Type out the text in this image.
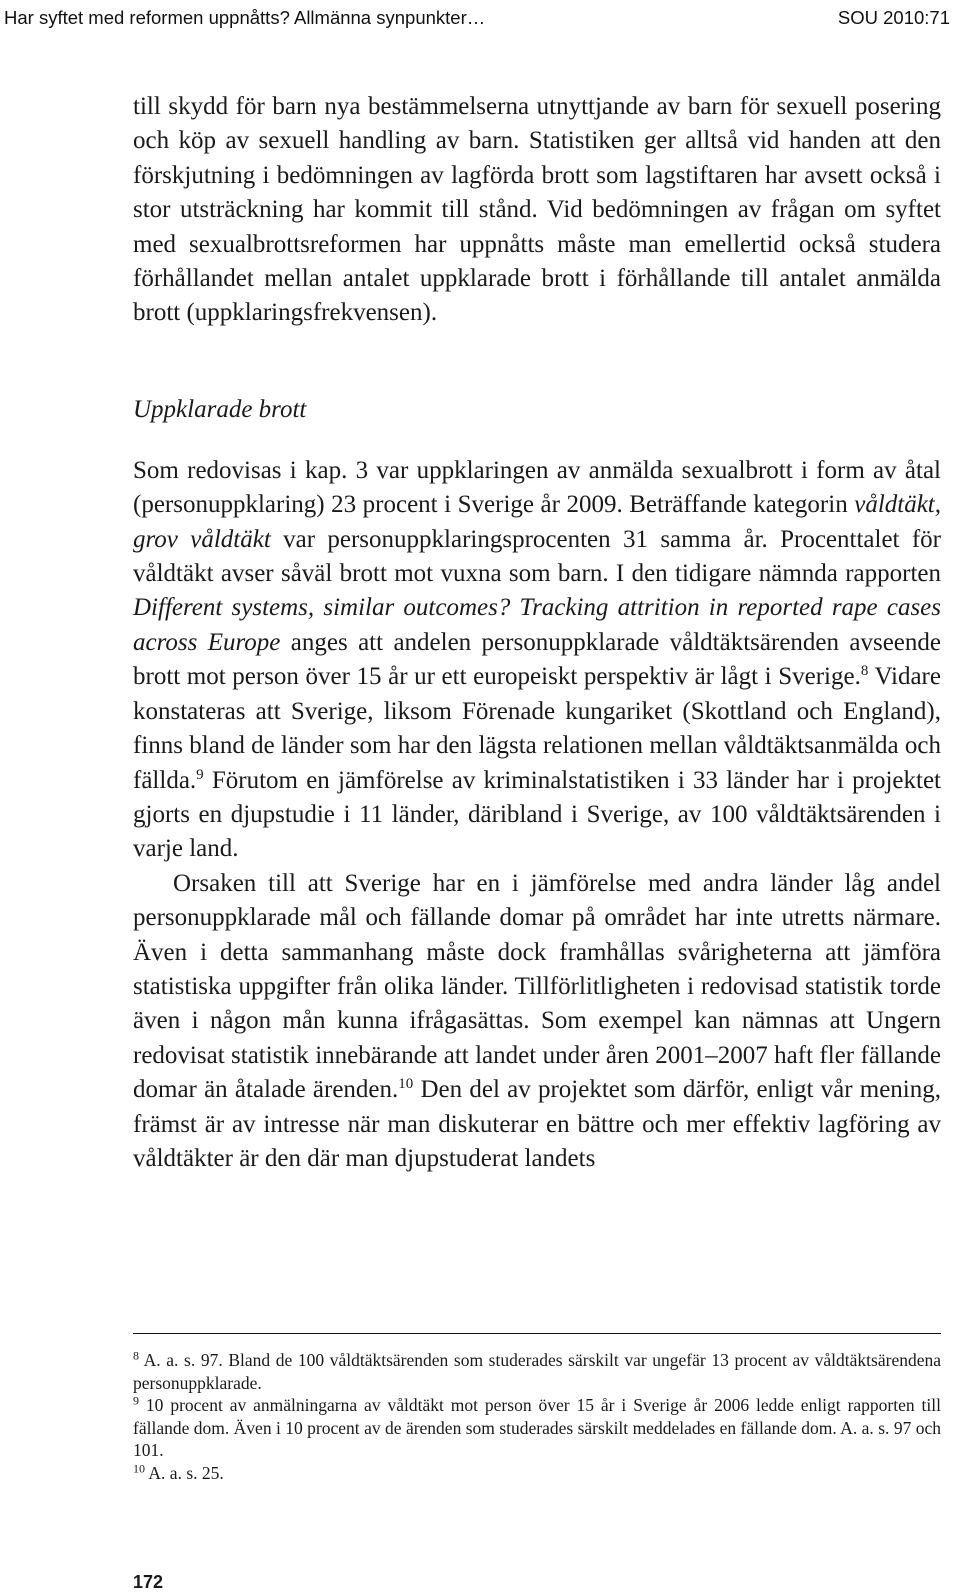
Har syftet med reformen uppnåtts? Allmänna synpunkter…	SOU 2010:71

till skydd för barn nya bestämmelserna utnyttjande av barn för sexuell posering och köp av sexuell handling av barn. Statistiken ger alltså vid handen att den förskjutning i bedömningen av lagförda brott som lagstiftaren har avsett också i stor utsträckning har kommit till stånd. Vid bedömningen av frågan om syftet med sexualbrottsreformen har uppnåtts måste man emellertid också studera förhållandet mellan antalet uppklarade brott i förhållande till antalet anmälda brott (uppklaringsfrekvensen).

Uppklarade brott

Som redovisas i kap. 3 var uppklaringen av anmälda sexualbrott i form av åtal (personuppklaring) 23 procent i Sverige år 2009. Beträffande kategorin våldtäkt, grov våldtäkt var personuppklaringsprocenten 31 samma år. Procenttalet för våldtäkt avser såväl brott mot vuxna som barn. I den tidigare nämnda rapporten Different systems, similar outcomes? Tracking attrition in reported rape cases across Europe anges att andelen personuppklarade våldtäktsärenden avseende brott mot person över 15 år ur ett europeiskt perspektiv är lågt i Sverige.$^8$ Vidare konstateras att Sverige, liksom Förenade kungariket (Skottland och England), finns bland de länder som har den lägsta relationen mellan våldtäktsanmälda och fällda.$^9$ Förutom en jämförelse av kriminalstatistiken i 33 länder har i projektet gjorts en djupstudie i 11 länder, däribland i Sverige, av 100 våldtäktsärenden i varje land.

Orsaken till att Sverige har en i jämförelse med andra länder låg andel personuppklarade mål och fällande domar på området har inte utretts närmare. Även i detta sammanhang måste dock framhållas svårigheterna att jämföra statistiska uppgifter från olika länder. Tillförlitligheten i redovisad statistik torde även i någon mån kunna ifrågasättas. Som exempel kan nämnas att Ungern redovisat statistik innebärande att landet under åren 2001–2007 haft fler fällande domar än åtalade ärenden.$^{10}$ Den del av projektet som därför, enligt vår mening, främst är av intresse när man diskuterar en bättre och mer effektiv lagföring av våldtäkter är den där man djupstuderat landets

$^8$ A. a. s. 97. Bland de 100 våldtäktsärenden som studerades särskilt var ungefär 13 procent av våldtäktsärendena personuppklarade.

$^9$ 10 procent av anmälningarna av våldtäkt mot person över 15 år i Sverige år 2006 ledde enligt rapporten till fällande dom. Även i 10 procent av de ärenden som studerades särskilt meddelades en fällande dom. A. a. s. 97 och 101.

$^{10}$ A. a. s. 25.

172
